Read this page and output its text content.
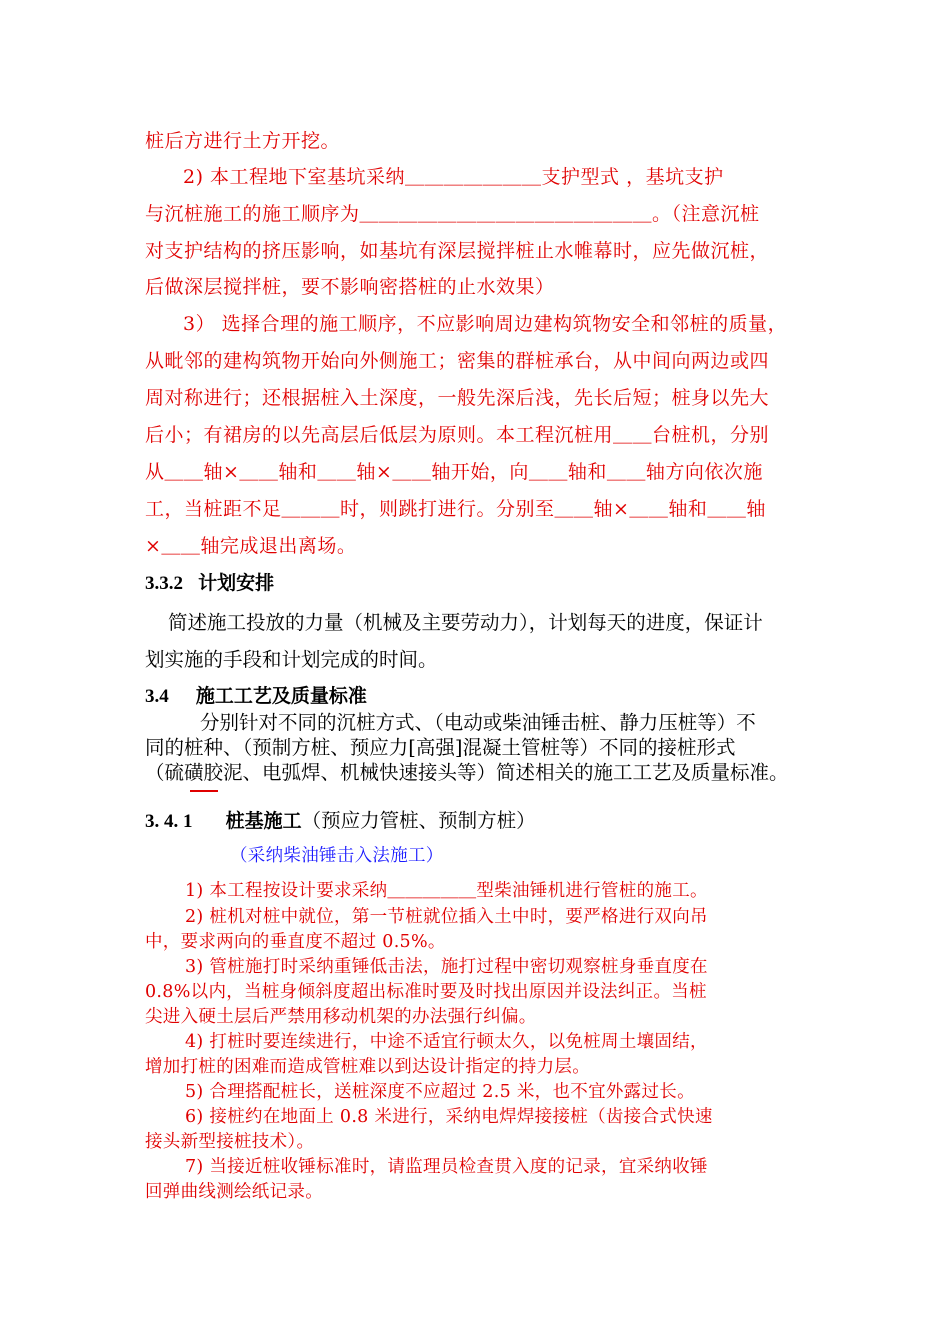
桩后方进行土方开挖。
2) 本工程地下室基坑采纳＿＿＿＿＿＿＿支护型式 ，基坑支护
与沉桩施工的施工顺序为＿＿＿＿＿＿＿＿＿＿＿＿＿＿＿。（注意沉桩
对支护结构的挤压影响，如基坑有深层搅拌桩止水帷幕时，应先做沉桩，
后做深层搅拌桩，要不影响密搭桩的止水效果）
3） 选择合理的施工顺序，不应影响周边建构筑物安全和邻桩的质量，
从毗邻的建构筑物开始向外侧施工；密集的群桩承台，从中间向两边或四
周对称进行；还根据桩入土深度，一般先深后浅，先长后短；桩身以先大
后小；有裙房的以先高层后低层为原则。本工程沉桩用＿＿台桩机，分别
从＿＿轴×＿＿轴和＿＿轴×＿＿轴开始，向＿＿轴和＿＿轴方向依次施
工，当桩距不足＿＿＿时，则跳打进行。分别至＿＿轴×＿＿轴和＿＿轴
×＿＿轴完成退出离场。
3.3.2 计划安排
简述施工投放的力量（机械及主要劳动力），计划每天的进度，保证计
划实施的手段和计划完成的时间。
3.4 施工工艺及质量标准
分别针对不同的沉桩方式、（电动或柴油锤击桩、静力压桩等）不
同的桩种、（预制方桩、预应力[高强]混凝土管桩等）不同的接桩形式
（硫磺胶泥、电弧焊、机械快速接头等）简述相关的施工工艺及质量标准。
3. 4. 1 桩基施工（预应力管桩、预制方桩）
（采纳柴油锤击入法施工）
1) 本工程按设计要求采纳＿＿＿＿＿型柴油锤机进行管桩的施工。
2) 桩机对桩中就位，第一节桩就位插入土中时，要严格进行双向吊
中，要求两向的垂直度不超过 0.5%。
3) 管桩施打时采纳重锤低击法，施打过程中密切观察桩身垂直度在
0.8%以内，当桩身倾斜度超出标准时要及时找出原因并设法纠正。当桩
尖进入硬土层后严禁用移动机架的办法强行纠偏。
4) 打桩时要连续进行，中途不适宜行顿太久，以免桩周土壤固结，
增加打桩的困难而造成管桩难以到达设计指定的持力层。
5) 合理搭配桩长，送桩深度不应超过 2.5 米，也不宜外露过长。
6) 接桩约在地面上 0.8 米进行，采纳电焊焊接接桩（齿接合式快速
接头新型接桩技术）。
7) 当接近桩收锤标准时，请监理员检查贯入度的记录，宜采纳收锤
回弹曲线测绘纸记录。
